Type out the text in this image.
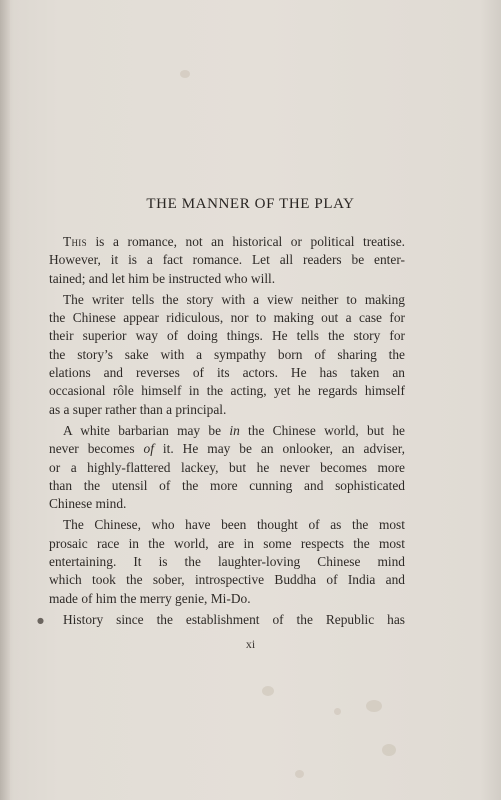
THE MANNER OF THE PLAY
This is a romance, not an historical or political treatise.
However, it is a fact romance. Let all readers be enter-
tained; and let him be instructed who will.
The writer tells the story with a view neither to making
the Chinese appear ridiculous, nor to making out a case for
their superior way of doing things. He tells the story for
the story’s sake with a sympathy born of sharing the
elations and reverses of its actors. He has taken an
occasional rôle himself in the acting, yet he regards himself
as a super rather than a principal.
A white barbarian may be in the Chinese world, but he
never becomes of it. He may be an onlooker, an adviser,
or a highly-flattered lackey, but he never becomes more
than the utensil of the more cunning and sophisticated
Chinese mind.
The Chinese, who have been thought of as the most
prosaic race in the world, are in some respects the most
entertaining. It is the laughter-loving Chinese mind
which took the sober, introspective Buddha of India and
made of him the merry genie, Mi-Do.
History since the establishment of the Republic has
●
xi
